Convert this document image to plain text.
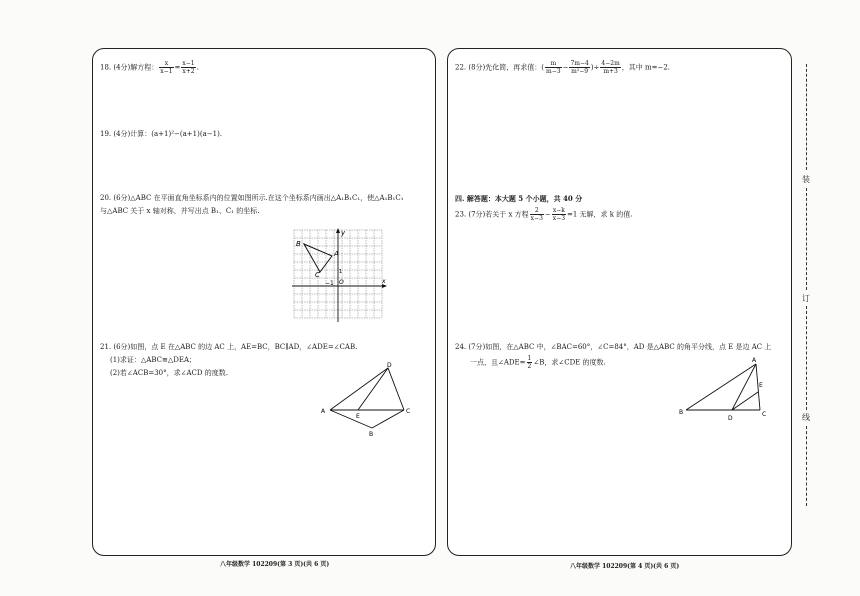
18. (4分)解方程： $\frac{x}{x-1} = \frac{x-1}{x+2}$ .
19. (4分)计算：(a+1)²−(a+1)(a−1).
20. (6分)△ABC 在平面直角坐标系内的位置如图所示.在这个坐标系内画出△A₁B₁C₁，使△A₁B₁C₁
与△ABC 关于 x 轴对称，并写出点 B₁、C₁ 的坐标.
B
A
C
y
x
O
−1
1
21. (6分)如图，点 E 在△ABC 的边 AC 上，AE=BC，BC∥AD，∠ADE=∠CAB.
(1)求证：△ABC≌△DEA；
(2)若∠ACB=30°，求∠ACD 的度数.
A
E
C
D
B
八年级数学 102209(第 3 页)(共 6 页)
22. (8分)先化简，再求值：( $\frac{m}{m-3} - \frac{7m-4}{\text{m²−9}}$ )÷ $\frac{4-2m}{m+3}$ ，其中 m=−2.
四. 解答题：本大题 5 个小题，共 40 分
23. (7分)若关于 x 方程 $\frac{2}{x-3} - \frac{x-k}{x-3} =1$ 无解，求 k 的值.
24. (7分)如图，在△ABC 中，∠BAC=60°，∠C=84°，AD 是△ABC 的角平分线，点 E 是边 AC 上
一点，且∠ADE= $\frac{1}{2}$ ∠B，求∠CDE 的度数.	A
E
B
D
C
八年级数学 102209(第 4 页)(共 6 页)
装
订
线
